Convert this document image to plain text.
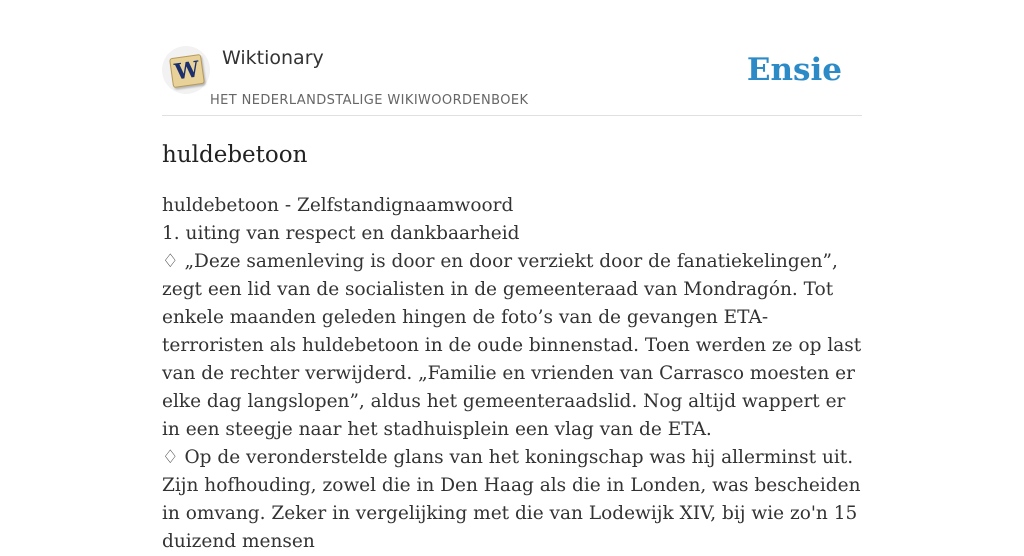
W Wiktionary
HET NEDERLANDSTALIGE WIKIWOORDENBOEK
Ensie
huldebetoon

huldebetoon - Zelfstandignaamwoord

1. uiting van respect en dankbaarheid

♢ „Deze samenleving is door en door verziekt door de fanatiekelingen”, zegt een lid van de socialisten in de gemeenteraad van Mondragón. Tot enkele maanden geleden hingen de foto’s van de gevangen ETA-terroristen als huldebetoon in de oude binnenstad. Toen werden ze op last van de rechter verwijderd. „Familie en vrienden van Carrasco moesten er elke dag langslopen”, aldus het gemeenteraadslid. Nog altijd wappert er in een steegje naar het stadhuisplein een vlag van de ETA.

♢ Op de veronderstelde glans van het koningschap was hij allerminst uit. Zijn hofhouding, zowel die in Den Haag als die in Londen, was bescheiden in omvang. Zeker in vergelijking met die van Lodewijk XIV, bij wie zo'n 15 duizend mensen
